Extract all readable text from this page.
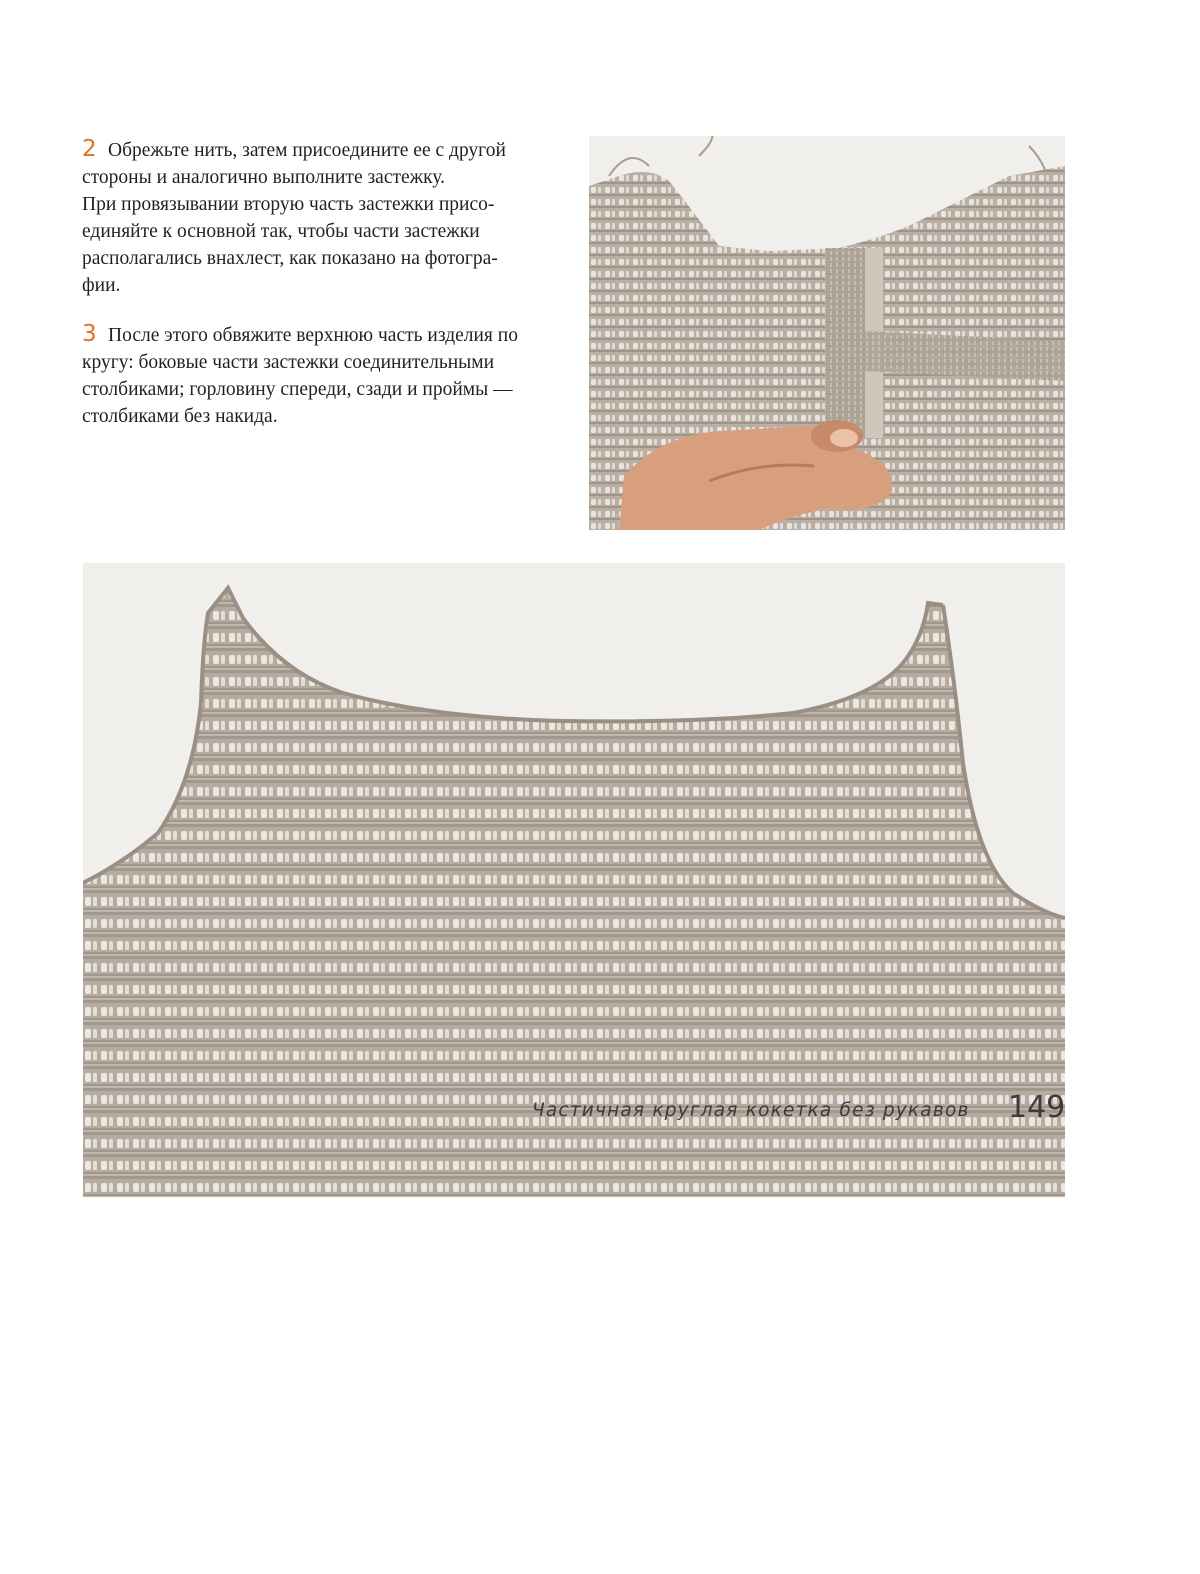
2 Обрежьте нить, затем присоедините ее с другой
стороны и аналогично выполните застежку.
При провязывании вторую часть застежки присо-
единяйте к основной так, чтобы части застежки
располагались внахлест, как показано на фотогра-
фии.

3 После этого обвяжите верхнюю часть изделия по
кругу: боковые части застежки соединительными
столбиками; горловину спереди, сзади и проймы —
столбиками без накида.

Частичная круглая кокетка без рукавов 149
